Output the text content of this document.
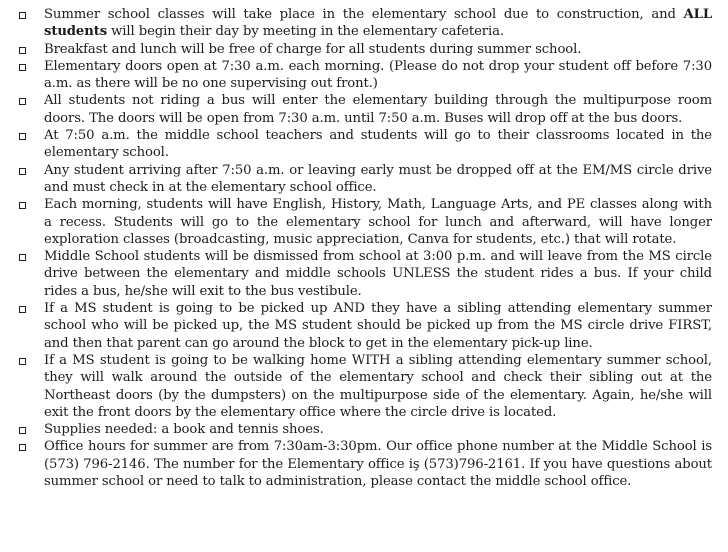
Summer school classes will take place in the elementary school due to construction, and ALL students will begin their day by meeting in the elementary cafeteria.
Breakfast and lunch will be free of charge for all students during summer school.
Elementary doors open at 7:30 a.m. each morning. (Please do not drop your student off before 7:30 a.m. as there will be no one supervising out front.)
All students not riding a bus will enter the elementary building through the multipurpose room doors. The doors will be open from 7:30 a.m. until 7:50 a.m. Buses will drop off at the bus doors.
At 7:50 a.m. the middle school teachers and students will go to their classrooms located in the elementary school.
Any student arriving after 7:50 a.m. or leaving early must be dropped off at the EM/MS circle drive and must check in at the elementary school office.
Each morning, students will have English, History, Math, Language Arts, and PE classes along with a recess. Students will go to the elementary school for lunch and afterward, will have longer exploration classes (broadcasting, music appreciation, Canva for students, etc.) that will rotate.
Middle School students will be dismissed from school at 3:00 p.m. and will leave from the MS circle drive between the elementary and middle schools UNLESS the student rides a bus. If your child rides a bus, he/she will exit to the bus vestibule.
If a MS student is going to be picked up AND they have a sibling attending elementary summer school who will be picked up, the MS student should be picked up from the MS circle drive FIRST, and then that parent can go around the block to get in the elementary pick-up line.
If a MS student is going to be walking home WITH a sibling attending elementary summer school, they will walk around the outside of the elementary school and check their sibling out at the Northeast doors (by the dumpsters) on the multipurpose side of the elementary. Again, he/she will exit the front doors by the elementary office where the circle drive is located.
Supplies needed: a book and tennis shoes.
Office hours for summer are from 7:30am-3:30pm. Our office phone number at the Middle School is (573) 796-2146. The number for the Elementary office iş (573)796-2161. If you have questions about summer school or need to talk to administration, please contact the middle school office.
